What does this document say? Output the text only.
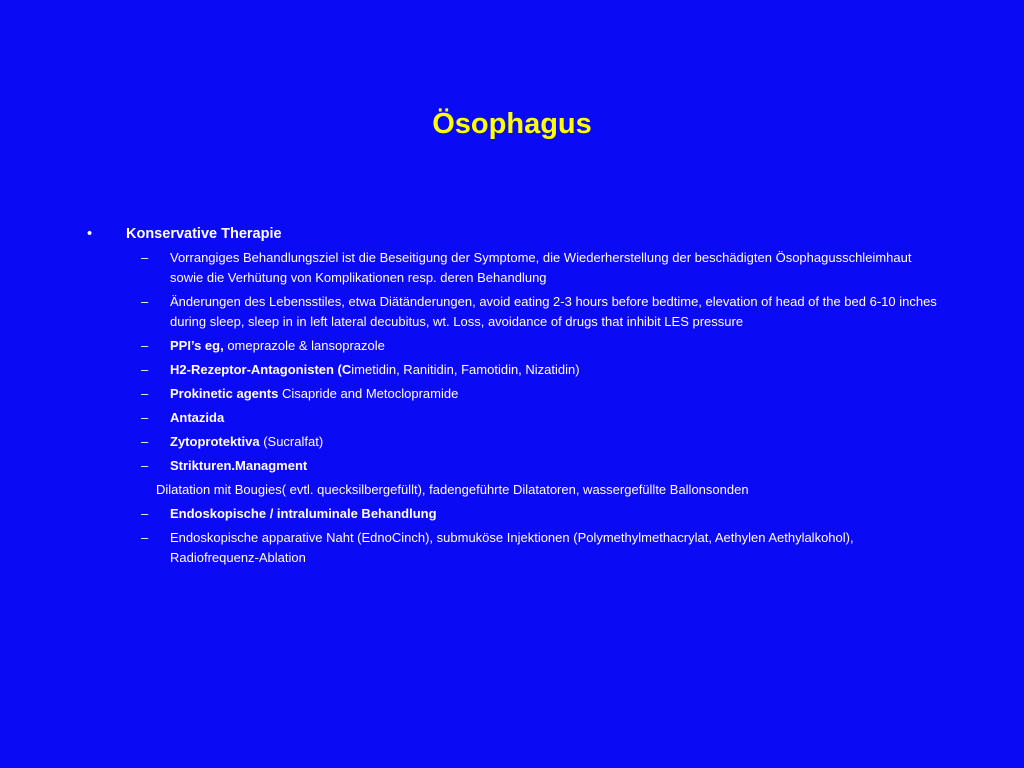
Ösophagus
• Konservative Therapie
– Vorrangiges Behandlungsziel ist die Beseitigung der Symptome, die Wiederherstellung der beschädigten Ösophagusschleimhaut sowie die Verhütung von Komplikationen resp. deren Behandlung
– Änderungen des Lebensstiles, etwa Diätänderungen, avoid eating 2-3 hours before bedtime, elevation of head of the bed 6-10 inches during sleep, sleep in in left lateral decubitus, wt. Loss, avoidance of drugs that inhibit LES pressure
– PPI’s eg, omeprazole & lansoprazole
– H2-Rezeptor-Antagonisten (Cimetidin, Ranitidin, Famotidin, Nizatidin)
– Prokinetic agents Cisapride and Metoclopramide
– Antazida
– Zytoprotektiva (Sucralfat)
– Strikturen.Managment
Dilatation mit Bougies( evtl. quecksilbergefüllt), fadengeführte Dilatatoren, wassergefüllte Ballonsonden
– Endoskopische / intraluminale Behandlung
– Endoskopische apparative Naht (EdnoCinch), submuköse Injektionen (Polymethylmethacrylat, Aethylen Aethylalkohol), Radiofrequenz-Ablation
